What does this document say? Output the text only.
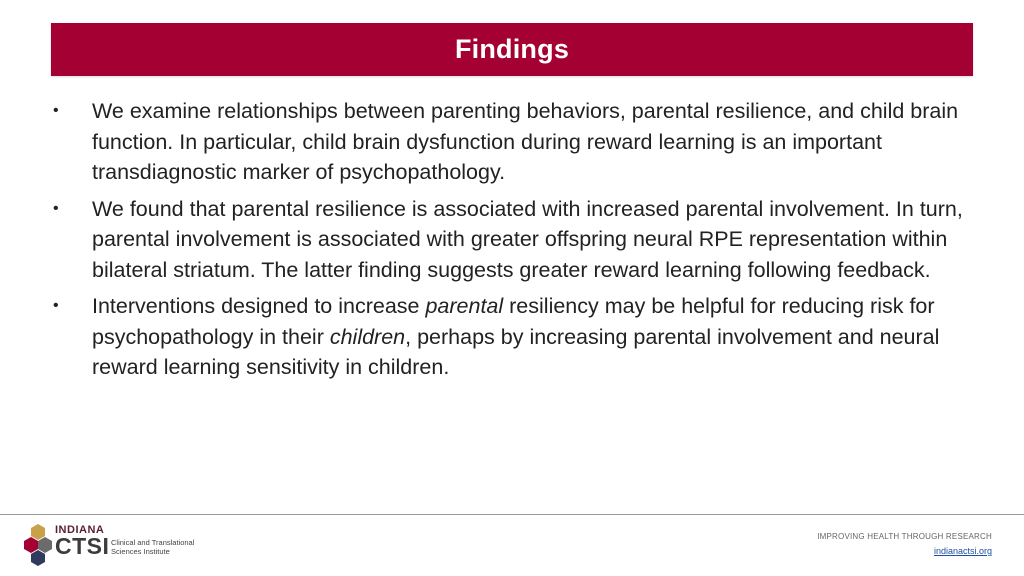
Findings
• We examine relationships between parenting behaviors, parental resilience, and child brain function. In particular, child brain dysfunction during reward learning is an important transdiagnostic marker of psychopathology.
• We found that parental resilience is associated with increased parental involvement. In turn, parental involvement is associated with greater offspring neural RPE representation within bilateral striatum. The latter finding suggests greater reward learning following feedback.
• Interventions designed to increase parental resiliency may be helpful for reducing risk for psychopathology in their children, perhaps by increasing parental involvement and neural reward learning sensitivity in children.
INDIANA
CTSI Clinical and Translational
Sciences Institute
IMPROVING HEALTH THROUGH RESEARCH
indianactsi.org
